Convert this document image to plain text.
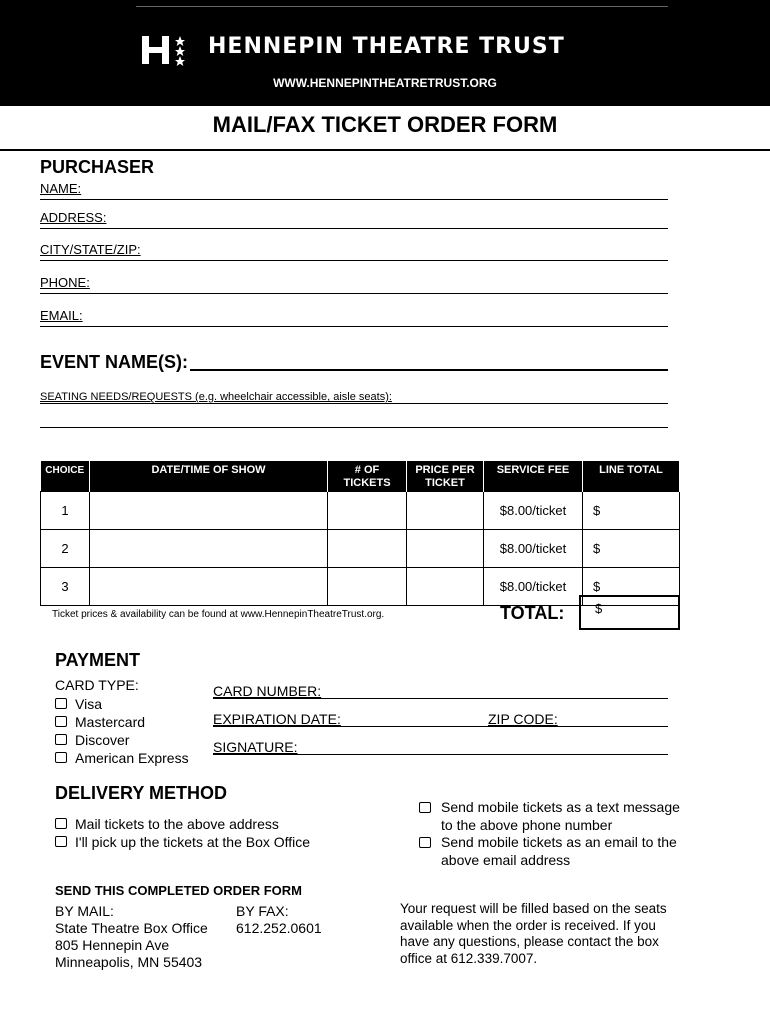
HENNEPIN THEATRE TRUST
WWW.HENNEPINTHEATRETRUST.ORG
MAIL/FAX TICKET ORDER FORM
PURCHASER
NAME:
ADDRESS:
CITY/STATE/ZIP:
PHONE:
EMAIL:
EVENT NAME(S):
SEATING NEEDS/REQUESTS (e.g. wheelchair accessible, aisle seats):
CHOICE	DATE/TIME OF SHOW	# OF TICKETS	PRICE PER TICKET	SERVICE FEE	LINE TOTAL
1				$8.00/ticket	$
2				$8.00/ticket	$
3				$8.00/ticket	$
Ticket prices & availability can be found at www.HennepinTheatreTrust.org.	TOTAL: $
PAYMENT
CARD TYPE:
Visa
Mastercard
Discover
American Express
CARD NUMBER:
EXPIRATION DATE:	ZIP CODE:
SIGNATURE:
DELIVERY METHOD
Mail tickets to the above address
I'll pick up the tickets at the Box Office
Send mobile tickets as a text message to the above phone number
Send mobile tickets as an email to the above email address
SEND THIS COMPLETED ORDER FORM
BY MAIL:
State Theatre Box Office
805 Hennepin Ave
Minneapolis, MN 55403
BY FAX:
612.252.0601
Your request will be filled based on the seats available when the order is received. If you have any questions, please contact the box office at 612.339.7007.
